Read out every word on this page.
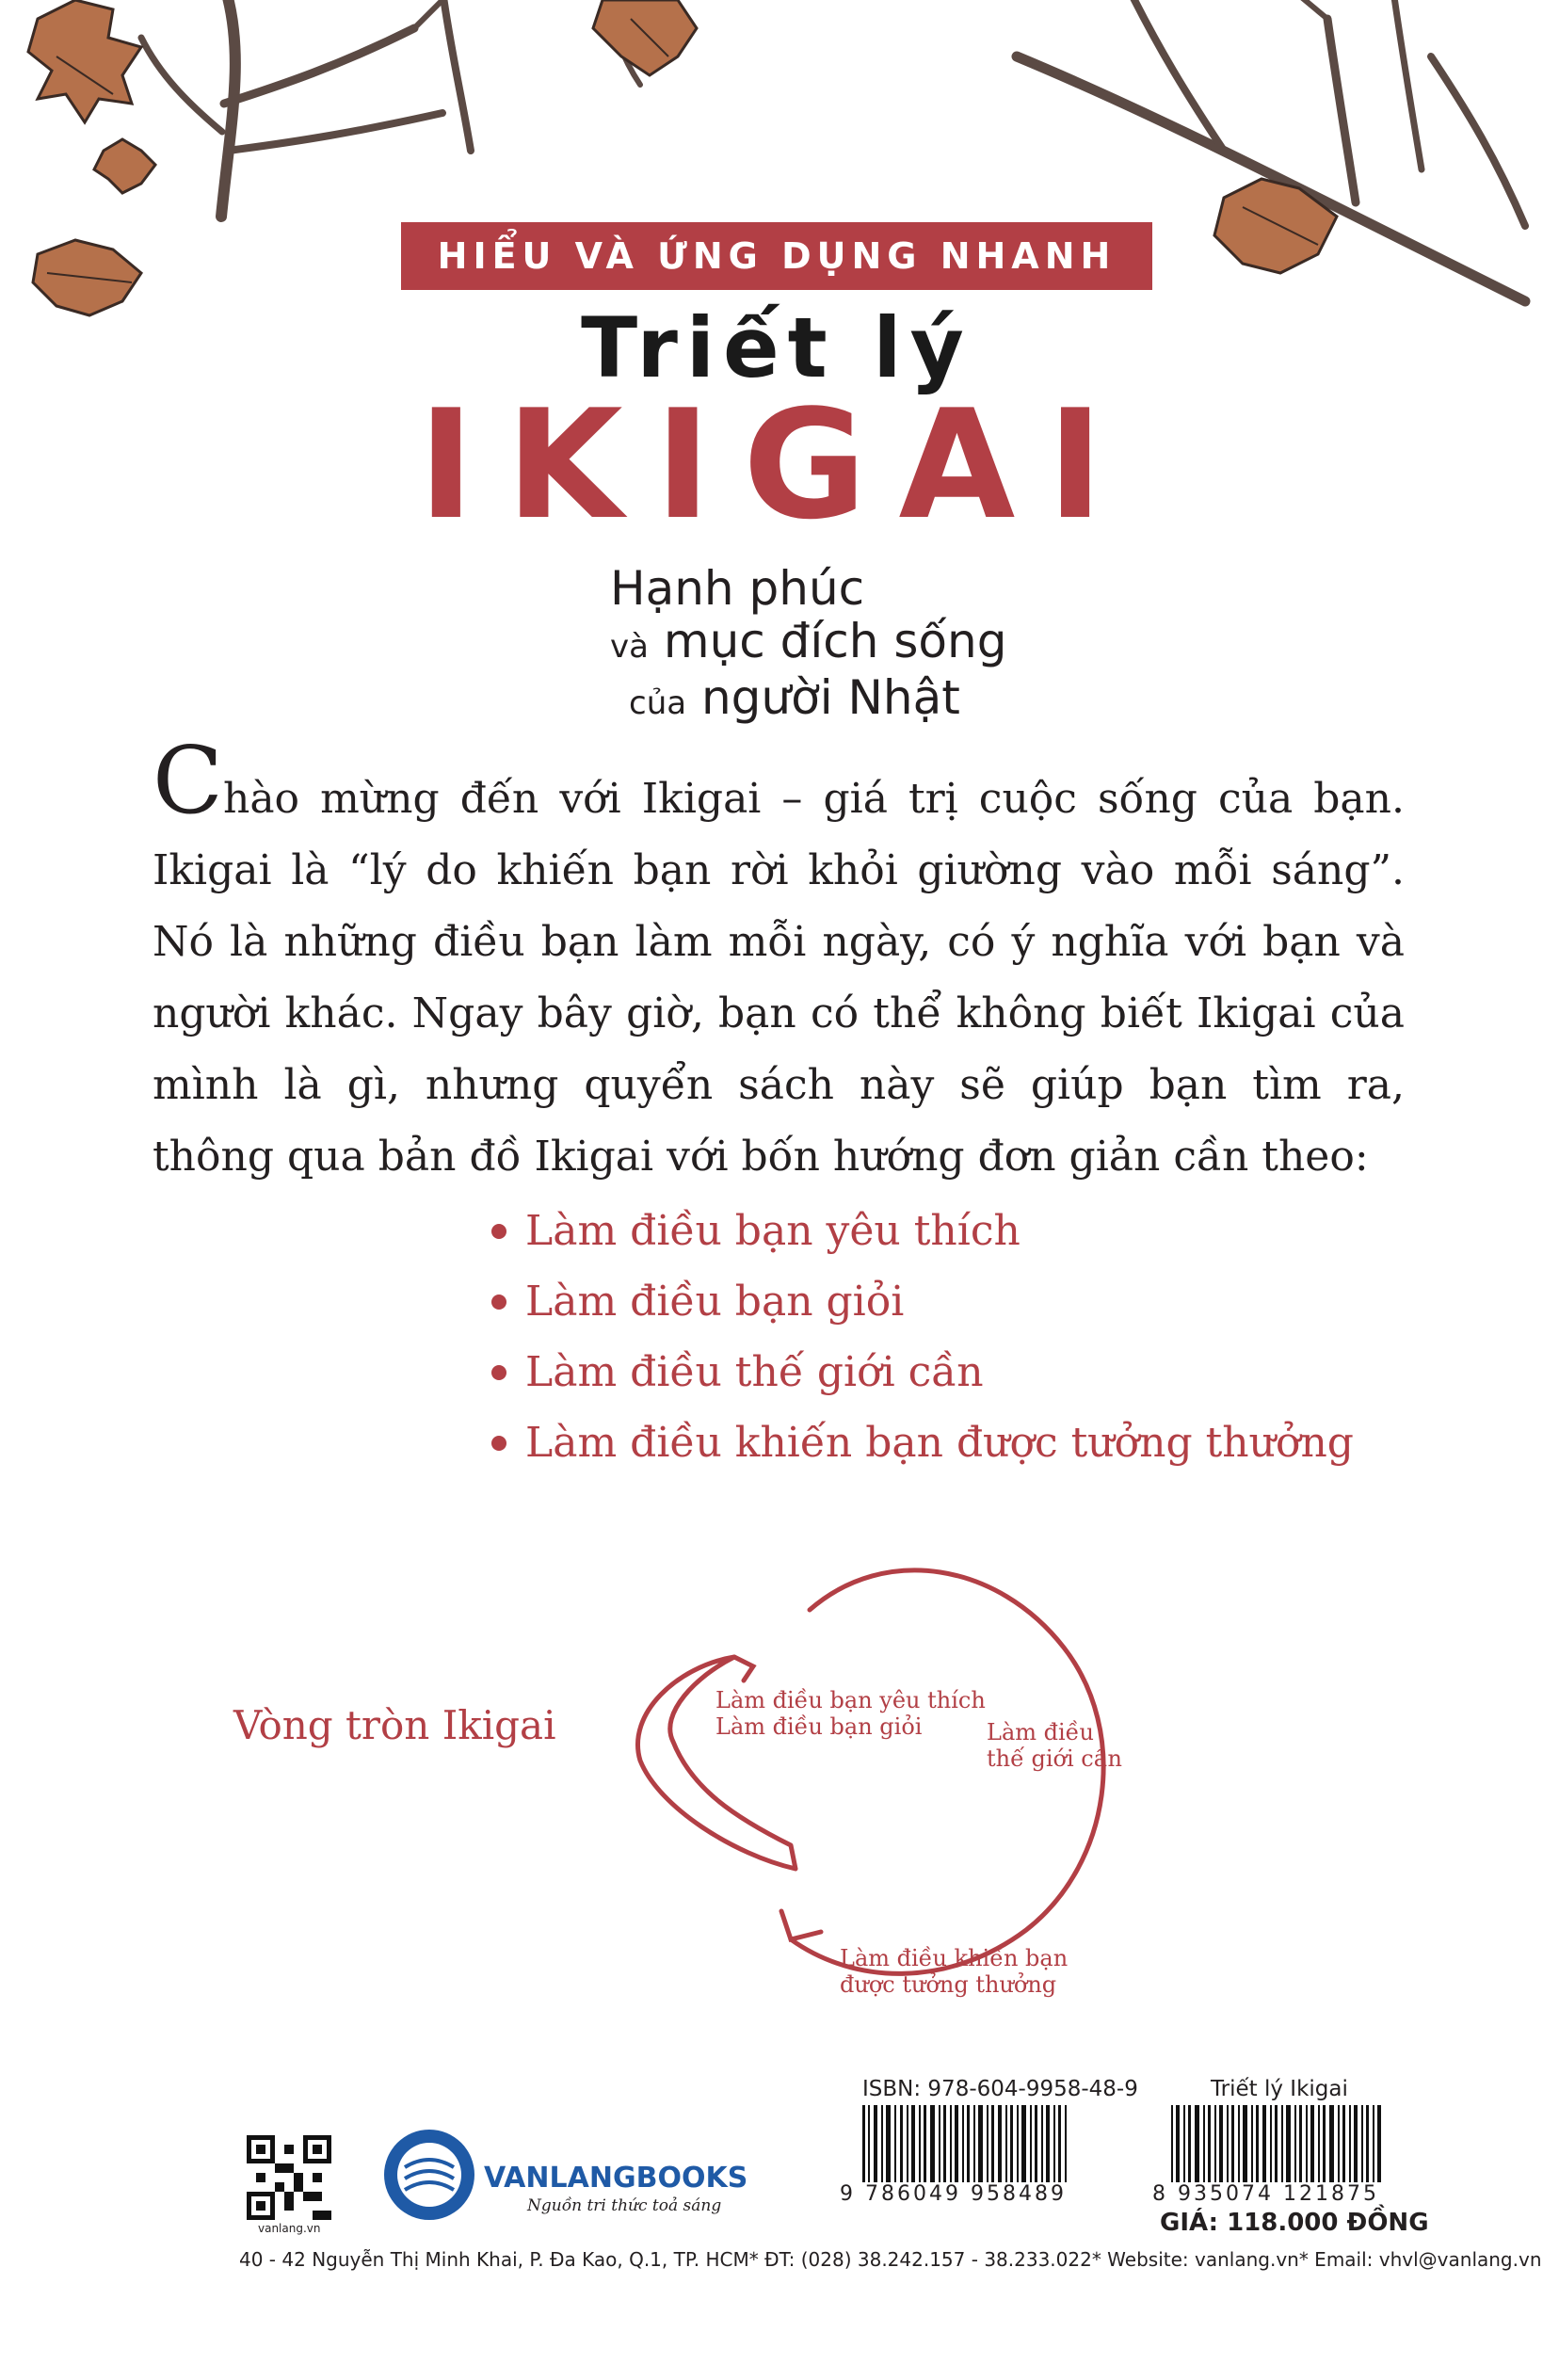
HIỂU VÀ ỨNG DỤNG NHANH
Triết lý
IKIGAI
Hạnh phúc
và mục đích sống
của người Nhật
Chào mừng đến với Ikigai – giá trị cuộc sống của bạn. Ikigai là “lý do khiến bạn rời khỏi giường vào mỗi sáng”. Nó là những điều bạn làm mỗi ngày, có ý nghĩa với bạn và người khác. Ngay bây giờ, bạn có thể không biết Ikigai của mình là gì, nhưng quyển sách này sẽ giúp bạn tìm ra, thông qua bản đồ Ikigai với bốn hướng đơn giản cần theo:
Làm điều bạn yêu thích
Làm điều bạn giỏi
Làm điều thế giới cần
Làm điều khiến bạn được tưởng thưởng
Vòng tròn Ikigai
Làm điều bạn yêu thích
Làm điều bạn giỏi	Làm điều
thế giới cần
Làm điều khiến bạn
được tưởng thưởng
vanlang.vn
VANLANGBOOKS
Nguồn tri thức toả sáng
ISBN: 978-604-9958-48-9
9 786049 958489
Triết lý Ikigai
8 935074 121875
GIÁ: 118.000 ĐỒNG
40 - 42 Nguyễn Thị Minh Khai, P. Đa Kao, Q.1, TP. HCM * ĐT: (028) 38.242.157 - 38.233.022 * Website: vanlang.vn * Email: vhvl@vanlang.vn
